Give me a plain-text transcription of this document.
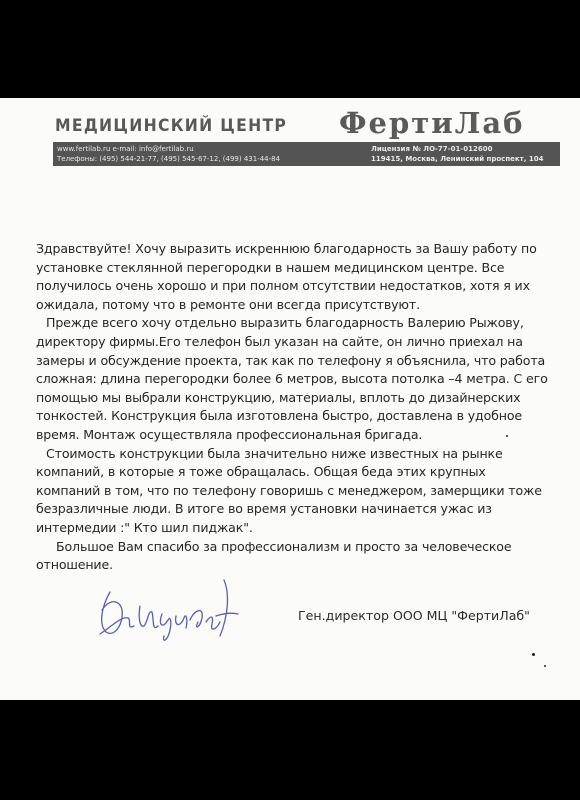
МЕДИЦИНСКИЙ ЦЕНТР ФертиЛаб
www.fertilab.ru e-mail: info@fertilab.ru
Телефоны: (495) 544-21-77, (495) 545-67-12, (499) 431-44-84
Лицензия № ЛО-77-01-012600
119415, Москва, Ленинский проспект, 104

Здравствуйте! Хочу выразить искреннюю благодарность за Вашу работу по установке стеклянной перегородки в нашем медицинском центре. Все получилось очень хорошо и при полном отсутствии недостатков, хотя я их ожидала, потому что в ремонте они всегда присутствуют.

Прежде всего хочу отдельно выразить благодарность Валерию Рыжову, директору фирмы.Его телефон был указан на сайте, он лично приехал на замеры и обсуждение проекта, так как по телефону я объяснила, что работа сложная: длина перегородки более 6 метров, высота потолка –4 метра. С его помощью мы выбрали конструкцию, материалы, вплоть до дизайнерских тонкостей. Конструкция была изготовлена быстро, доставлена в удобное время. Монтаж осуществляла профессиональная бригада.

Стоимость конструкции была значительно ниже известных на рынке компаний, в которые я тоже обращалась. Общая беда этих крупных компаний в том, что по телефону говоришь с менеджером, замерщики тоже безразличные люди. В итоге во время установки начинается ужас из интермедии :" Кто шил пиджак".

Большое Вам спасибо за профессионализм и просто за человеческое отношение.

Ген.директор ООО МЦ "ФертиЛаб"
